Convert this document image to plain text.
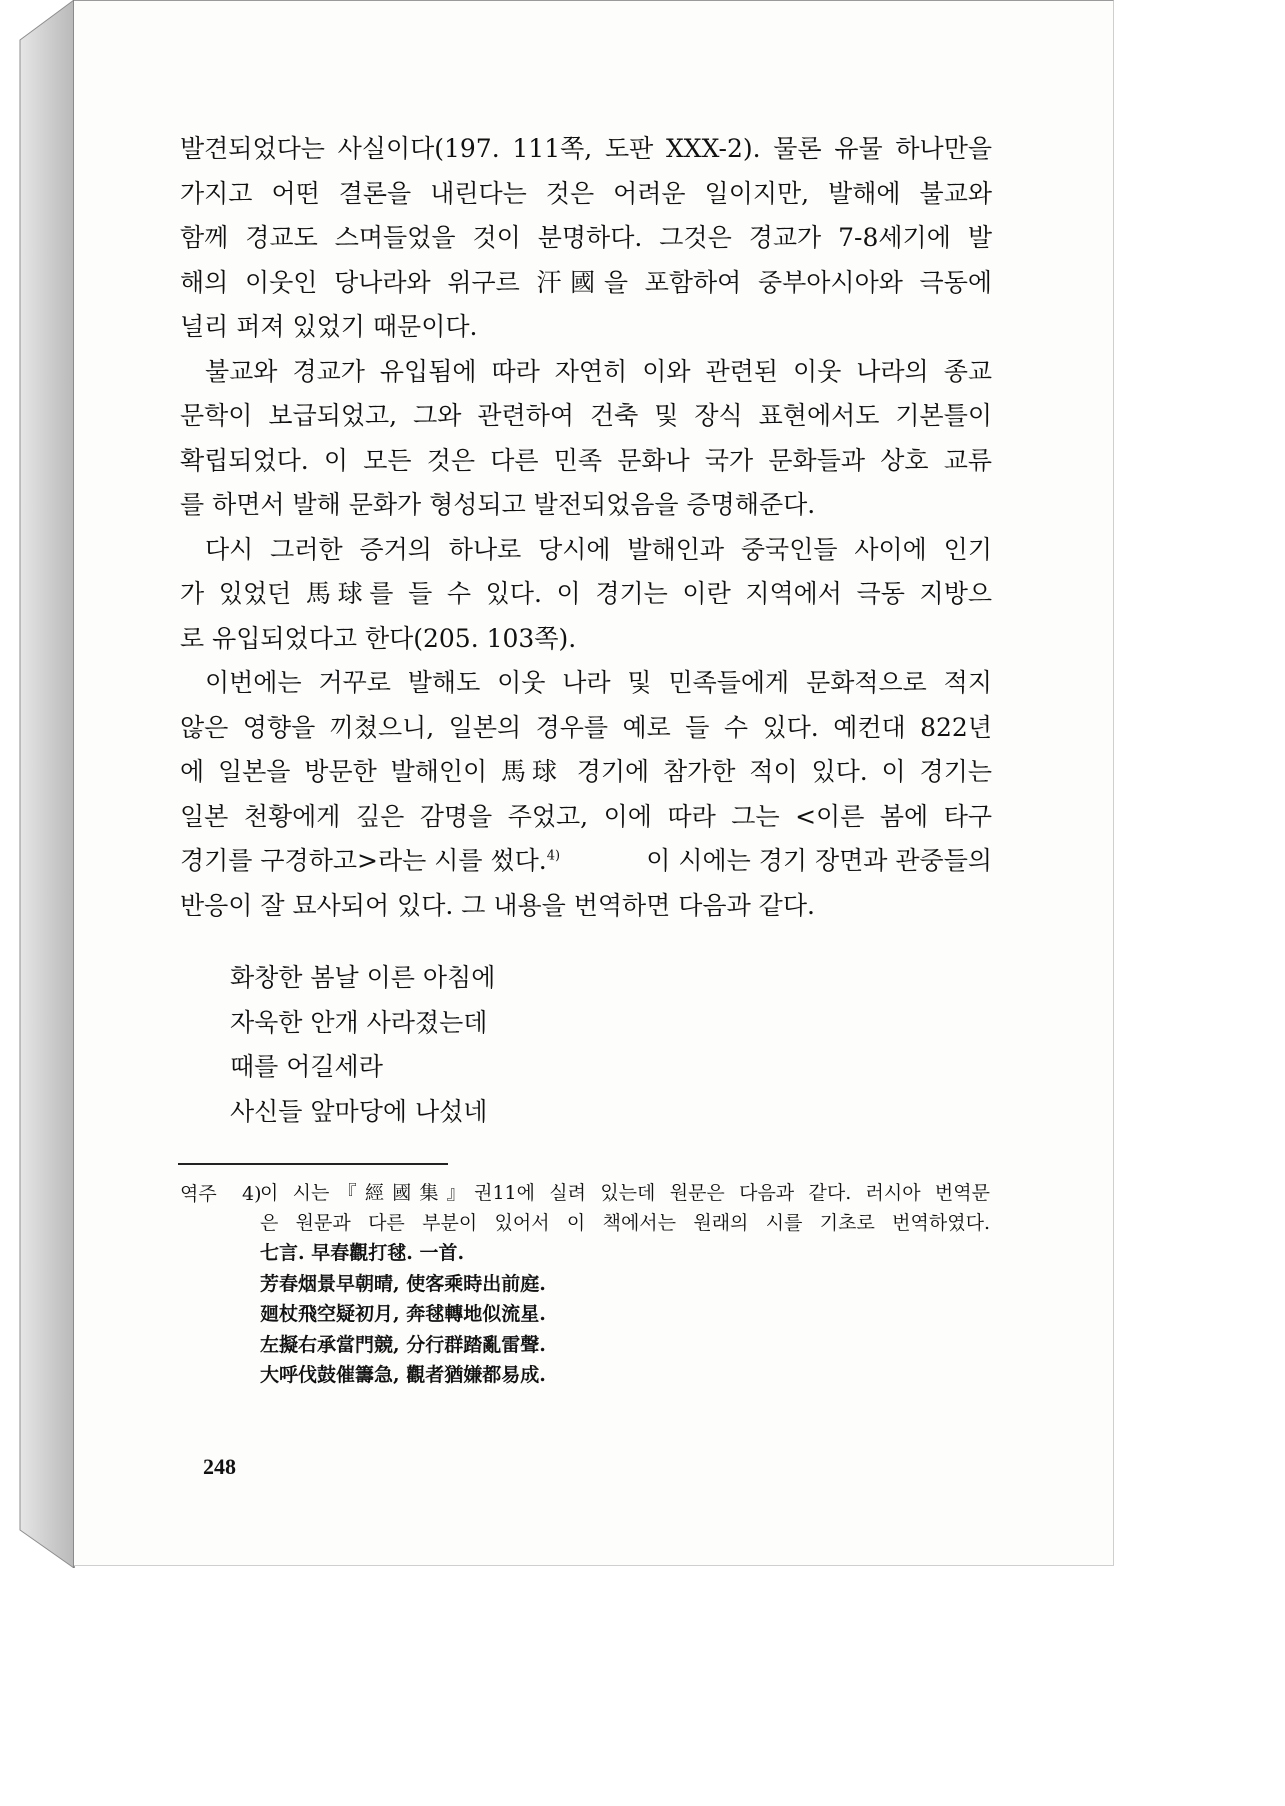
발견되었다는 사실이다(197. 111쪽, 도판 XXX-2). 물론 유물 하나만을
가지고 어떤 결론을 내린다는 것은 어려운 일이지만, 발해에 불교와
함께 경교도 스며들었을 것이 분명하다. 그것은 경교가 7-8세기에 발
해의 이웃인 당나라와 위구르 汗國을 포함하여 중부아시아와 극동에
널리 퍼져 있었기 때문이다.
불교와 경교가 유입됨에 따라 자연히 이와 관련된 이웃 나라의 종교
문학이 보급되었고, 그와 관련하여 건축 및 장식 표현에서도 기본틀이
확립되었다. 이 모든 것은 다른 민족 문화나 국가 문화들과 상호 교류
를 하면서 발해 문화가 형성되고 발전되었음을 증명해준다.
다시 그러한 증거의 하나로 당시에 발해인과 중국인들 사이에 인기
가 있었던 馬球를 들 수 있다. 이 경기는 이란 지역에서 극동 지방으
로 유입되었다고 한다(205. 103쪽).
이번에는 거꾸로 발해도 이웃 나라 및 민족들에게 문화적으로 적지
않은 영향을 끼쳤으니, 일본의 경우를 예로 들 수 있다. 예컨대 822년
에 일본을 방문한 발해인이 馬球 경기에 참가한 적이 있다. 이 경기는
일본 천황에게 깊은 감명을 주었고, 이에 따라 그는 <이른 봄에 타구
경기를 구경하고>라는 시를 썼다.$^{4)}$	이 시에는 경기 장면과 관중들의
반응이 잘 묘사되어 있다. 그 내용을 번역하면 다음과 같다.
화창한 봄날 이른 아침에
자욱한 안개 사라졌는데
때를 어길세라
사신들 앞마당에 나섰네
역주 4)
이 시는『經國集』권11에 실려 있는데 원문은 다음과 같다. 러시아 번역문
은 원문과 다른 부분이 있어서 이 책에서는 원래의 시를 기초로 번역하였다.
七言. 早春觀打毬. 一首.
芳春烟景早朝晴, 使客乘時出前庭.
廻杖飛空疑初月, 奔毬轉地似流星.
左擬右承當門競, 分行群踏亂雷聲.
大呼伐鼓催籌急, 觀者猶嫌都易成.
248
